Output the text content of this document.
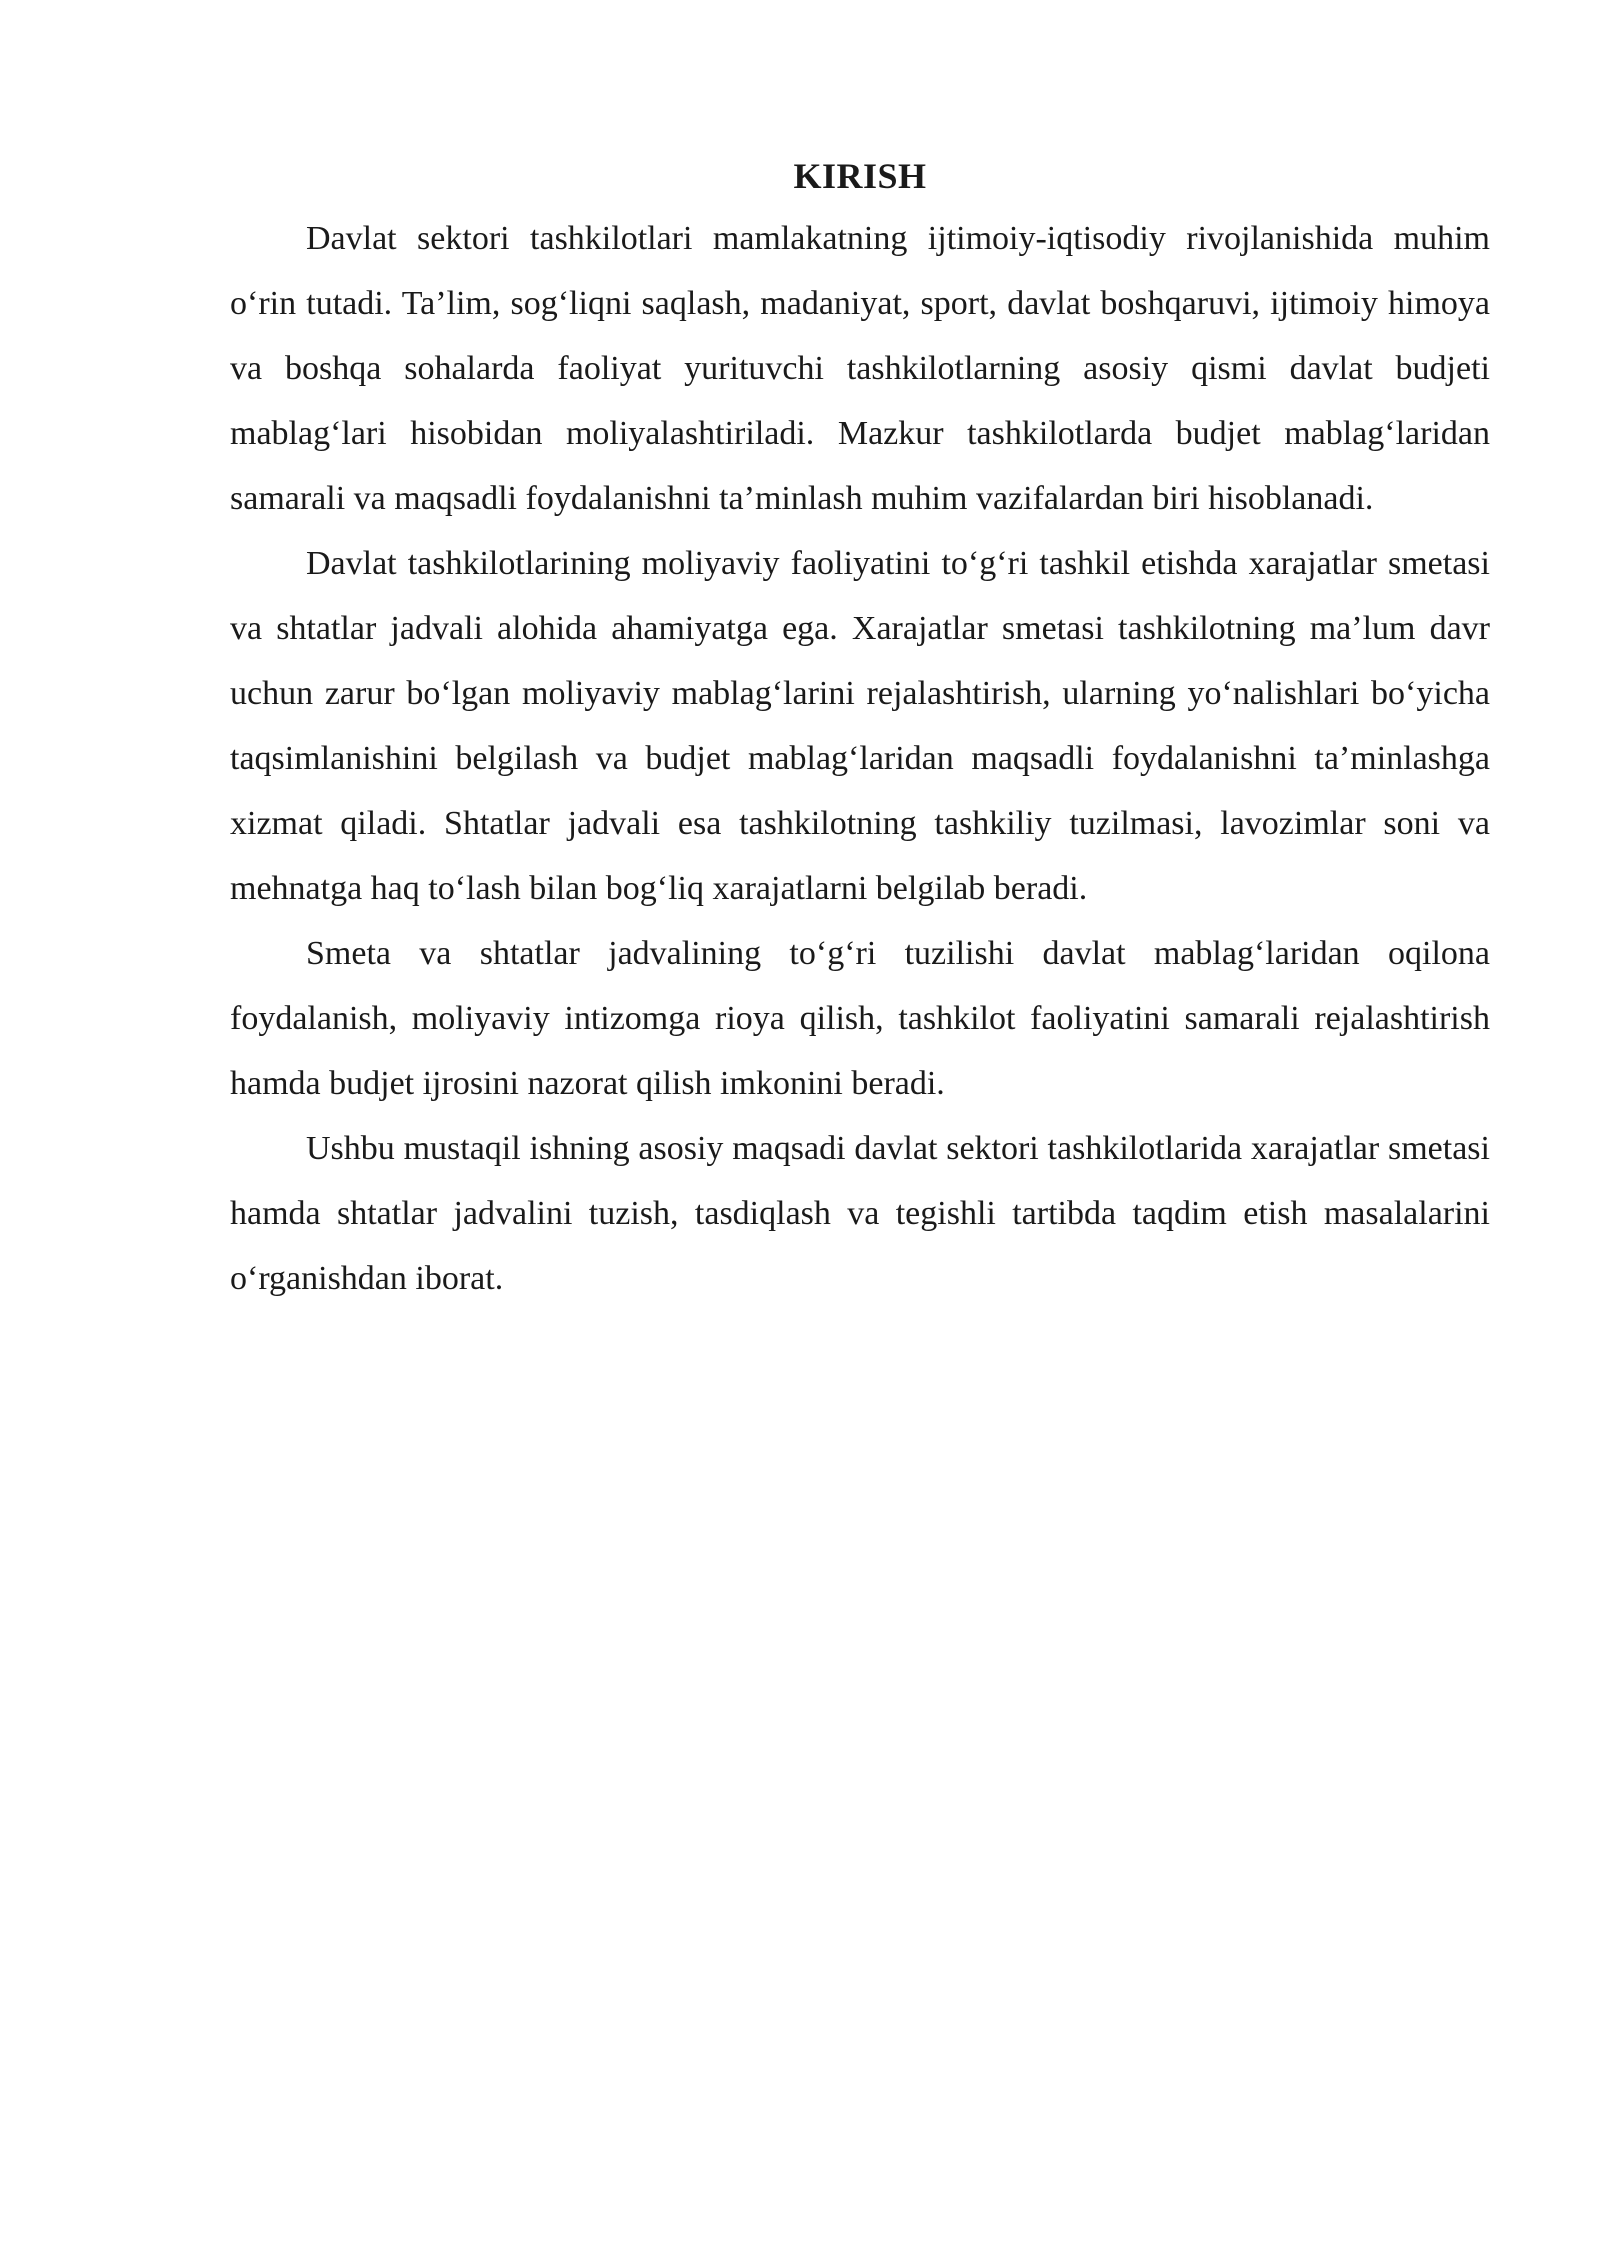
KIRISH

Davlat sektori tashkilotlari mamlakatning ijtimoiy-iqtisodiy rivojlanishida muhim o‘rin tutadi. Ta’lim, sog‘liqni saqlash, madaniyat, sport, davlat boshqaruvi, ijtimoiy himoya va boshqa sohalarda faoliyat yurituvchi tashkilotlarning asosiy qismi davlat budjeti mablag‘lari hisobidan moliyalashtiriladi. Mazkur tashkilotlarda budjet mablag‘laridan samarali va maqsadli foydalanishni ta’minlash muhim vazifalardan biri hisoblanadi.

Davlat tashkilotlarining moliyaviy faoliyatini to‘g‘ri tashkil etishda xarajatlar smetasi va shtatlar jadvali alohida ahamiyatga ega. Xarajatlar smetasi tashkilotning ma’lum davr uchun zarur bo‘lgan moliyaviy mablag‘larini rejalashtirish, ularning yo‘nalishlari bo‘yicha taqsimlanishini belgilash va budjet mablag‘laridan maqsadli foydalanishni ta’minlashga xizmat qiladi. Shtatlar jadvali esa tashkilotning tashkiliy tuzilmasi, lavozimlar soni va mehnatga haq to‘lash bilan bog‘liq xarajatlarni belgilab beradi.

Smeta va shtatlar jadvalining to‘g‘ri tuzilishi davlat mablag‘laridan oqilona foydalanish, moliyaviy intizomga rioya qilish, tashkilot faoliyatini samarali rejalashtirish hamda budjet ijrosini nazorat qilish imkonini beradi.

Ushbu mustaqil ishning asosiy maqsadi davlat sektori tashkilotlarida xarajatlar smetasi hamda shtatlar jadvalini tuzish, tasdiqlash va tegishli tartibda taqdim etish masalalarini o‘rganishdan iborat.
